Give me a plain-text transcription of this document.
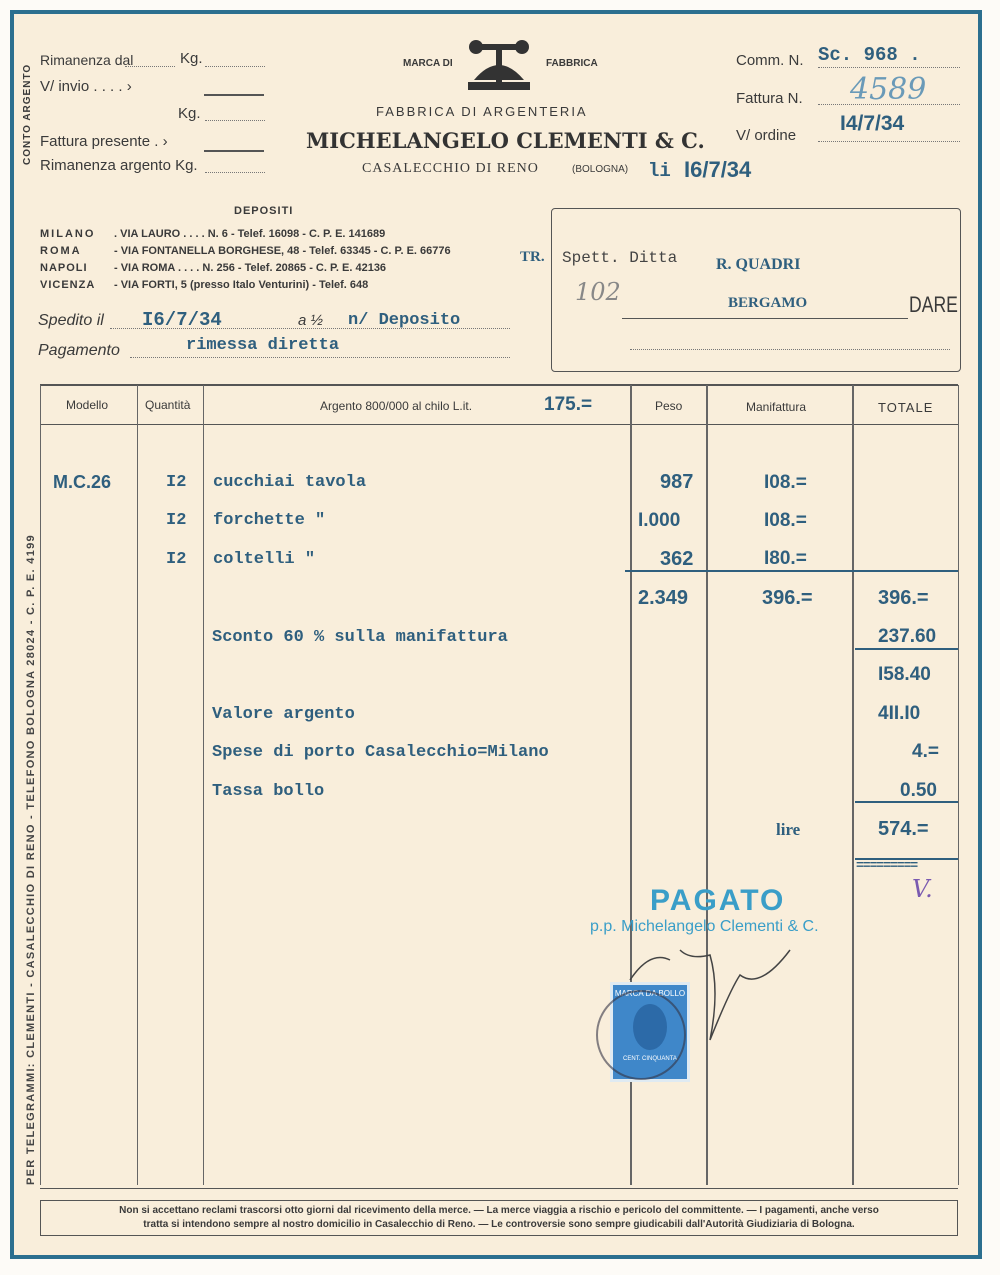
CONTO ARGENTO
PER TELEGRAMMI: CLEMENTI - CASALECCHIO DI RENO - TELEFONO BOLOGNA 28024 - C. P. E. 4199
Rimanenza dal	Kg.
V/ invio . . . . ›
Kg.
Fattura presente . ›
Rimanenza argento Kg.
MARCA DI	FABBRICA
FABBRICA DI ARGENTERIA
MICHELANGELO CLEMENTI & C.
CASALECCHIO DI RENO	(BOLOGNA) li I6/7/34
Comm. N. Sc. 968 .
Fattura N. 4589
V/ ordine
I4/7/34
DEPOSITI
MILANO . VIA LAURO . . . . N. 6 - Telef. 16098 - C. P. E. 141689
ROMA	- VIA FONTANELLA BORGHESE, 48 - Telef. 63345 - C. P. E. 66776
NAPOLI - VIA ROMA . . . . N. 256 - Telef. 20865 - C. P. E. 42136
VICENZA - VIA FORTI, 5 (presso Italo Venturini) - Telef. 648
Spedito il I6/7/34	a ½ n/ Deposito
Pagamento	rimessa diretta
TR. Spett. Ditta R. QUADRI
102	BERGAMO	DARE
Modello	Quantità	Argento 800/000 al chilo L.it.	175.=	Peso	Manifattura	TOTALE
M.C.26	I2 cucchiai tavola	987	I08.=
I2 forchette "	I.000	I08.=
I2 coltelli "	362	I80.=
2.349	396.=	396.=
Sconto 60 % sulla manifattura	237.60
I58.40
Valore argento	4II.I0
Spese di porto Casalecchio=Milano	4.=
Tassa bollo	0.50
lire	574.=
=========
PAGATO
p.p. Michelangelo Clementi & C.
V.
MARCA DA BOLLO
CENT. CINQUANTA
Non si accettano reclami trascorsi otto giorni dal ricevimento della merce. — La merce viaggia a rischio e pericolo del committente. — I pagamenti, anche verso
tratta si intendono sempre al nostro domicilio in Casalecchio di Reno. — Le controversie sono sempre giudicabili dall'Autorità Giudiziaria di Bologna.
